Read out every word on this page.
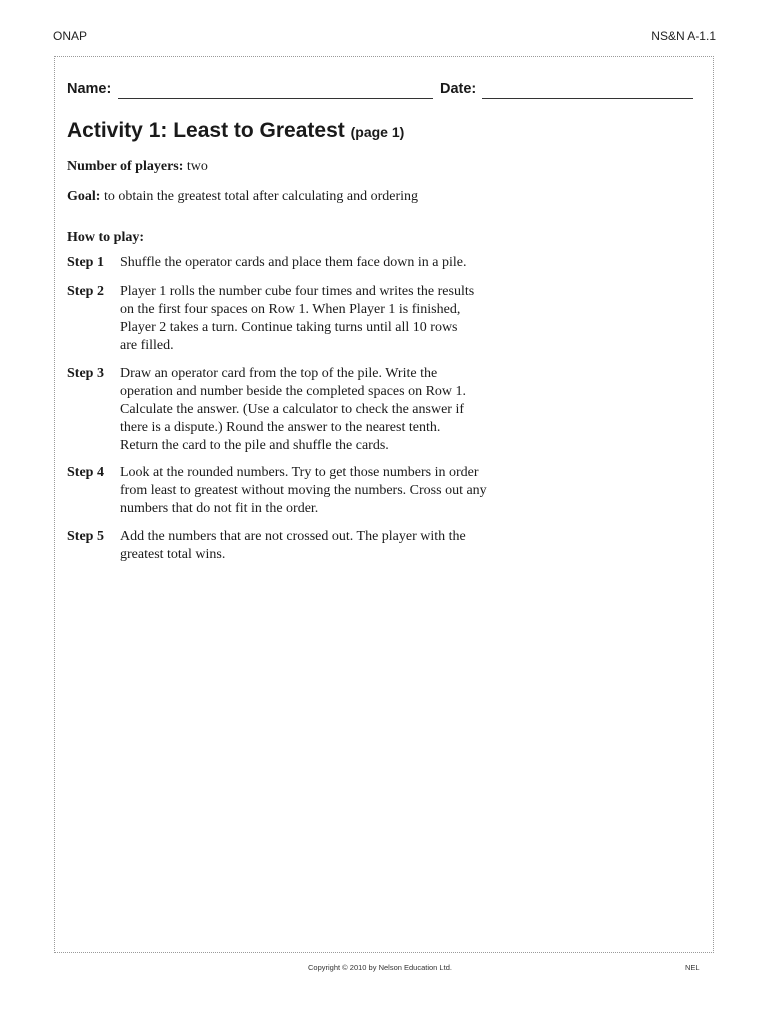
ONAP	NS&N A-1.1
Name:	Date:
Activity 1: Least to Greatest (page 1)
Number of players: two
Goal: to obtain the greatest total after calculating and ordering
How to play:
Step 1	Shuffle the operator cards and place them face down in a pile.
Step 2	Player 1 rolls the number cube four times and writes the results
on the first four spaces on Row 1. When Player 1 is finished,
Player 2 takes a turn. Continue taking turns until all 10 rows
are filled.
Step 3	Draw an operator card from the top of the pile. Write the
operation and number beside the completed spaces on Row 1.
Calculate the answer. (Use a calculator to check the answer if
there is a dispute.) Round the answer to the nearest tenth.
Return the card to the pile and shuffle the cards.
Step 4	Look at the rounded numbers. Try to get those numbers in order
from least to greatest without moving the numbers. Cross out any
numbers that do not fit in the order.
Step 5	Add the numbers that are not crossed out. The player with the
greatest total wins.
Copyright © 2010 by Nelson Education Ltd.	NEL
